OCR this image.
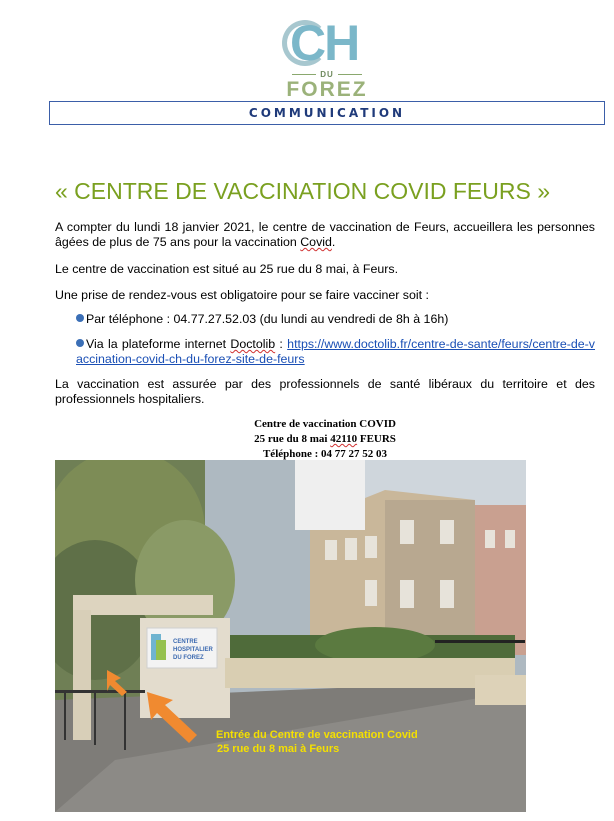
CH
DU
FOREZ
COMMUNICATION
« CENTRE DE VACCINATION COVID FEURS »
A compter du lundi 18 janvier 2021, le centre de vaccination de Feurs, accueillera les personnes âgées de plus de 75 ans pour la vaccination Covid.
Le centre de vaccination est situé au 25 rue du 8 mai, à Feurs.
Une prise de rendez-vous est obligatoire pour se faire vacciner soit :
Par téléphone : 04.77.27.52.03 (du lundi au vendredi de 8h à 16h)
Via la plateforme internet Doctolib : https://www.doctolib.fr/centre-de-sante/feurs/centre-de-vaccination-covid-ch-du-forez-site-de-feurs
La vaccination est assurée par des professionnels de santé libéraux du territoire et des professionnels hospitaliers.
Centre de vaccination COVID
25 rue du 8 mai 42110 FEURS
Téléphone : 04 77 27 52 03
CENTRE
HOSPITALIER
DU FOREZ
Entrée du Centre de vaccination Covid
25 rue du 8 mai à Feurs
